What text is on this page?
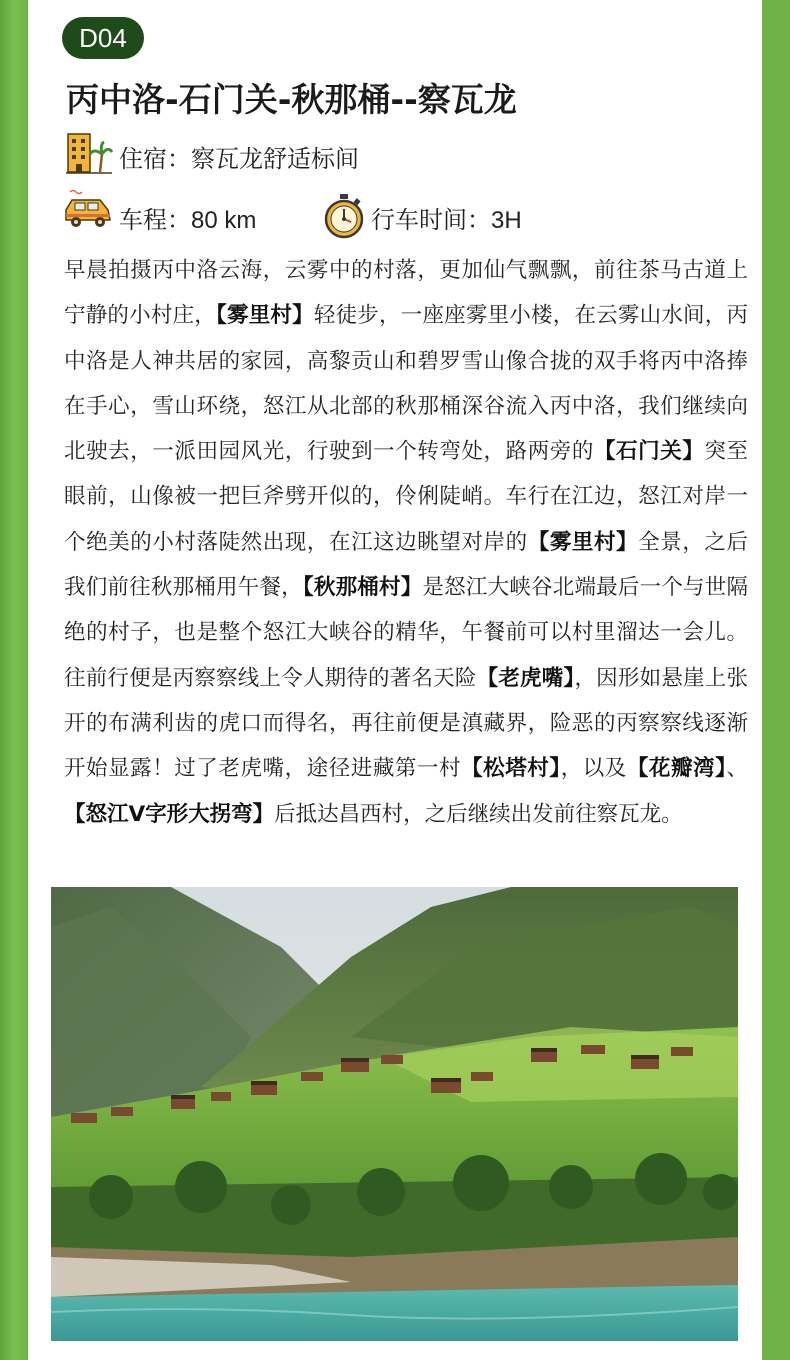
D04
丙中洛-石门关-秋那桶--察瓦龙
住宿：察瓦龙舒适标间
车程：80 km	行车时间：3H
早晨拍摄丙中洛云海，云雾中的村落，更加仙气飘飘，前往茶马古道上宁静的小村庄，【雾里村】轻徒步，一座座雾里小楼，在云雾山水间，丙中洛是人神共居的家园，高黎贡山和碧罗雪山像合拢的双手将丙中洛捧在手心，雪山环绕，怒江从北部的秋那桶深谷流入丙中洛，我们继续向北驶去，一派田园风光，行驶到一个转弯处，路两旁的【石门关】突至眼前，山像被一把巨斧劈开似的，伶俐陡峭。车行在江边，怒江对岸一个绝美的小村落陡然出现，在江这边眺望对岸的【雾里村】全景，之后我们前往秋那桶用午餐，【秋那桶村】是怒江大峡谷北端最后一个与世隔绝的村子，也是整个怒江大峡谷的精华，午餐前可以村里溜达一会儿。往前行便是丙察察线上令人期待的著名天险【老虎嘴】，因形如悬崖上张开的布满利齿的虎口而得名，再往前便是滇藏界，险恶的丙察察线逐渐开始显露！过了老虎嘴，途径进藏第一村【松塔村】，以及【花瓣湾】、【怒江V字形大拐弯】后抵达昌西村，之后继续出发前往察瓦龙。
